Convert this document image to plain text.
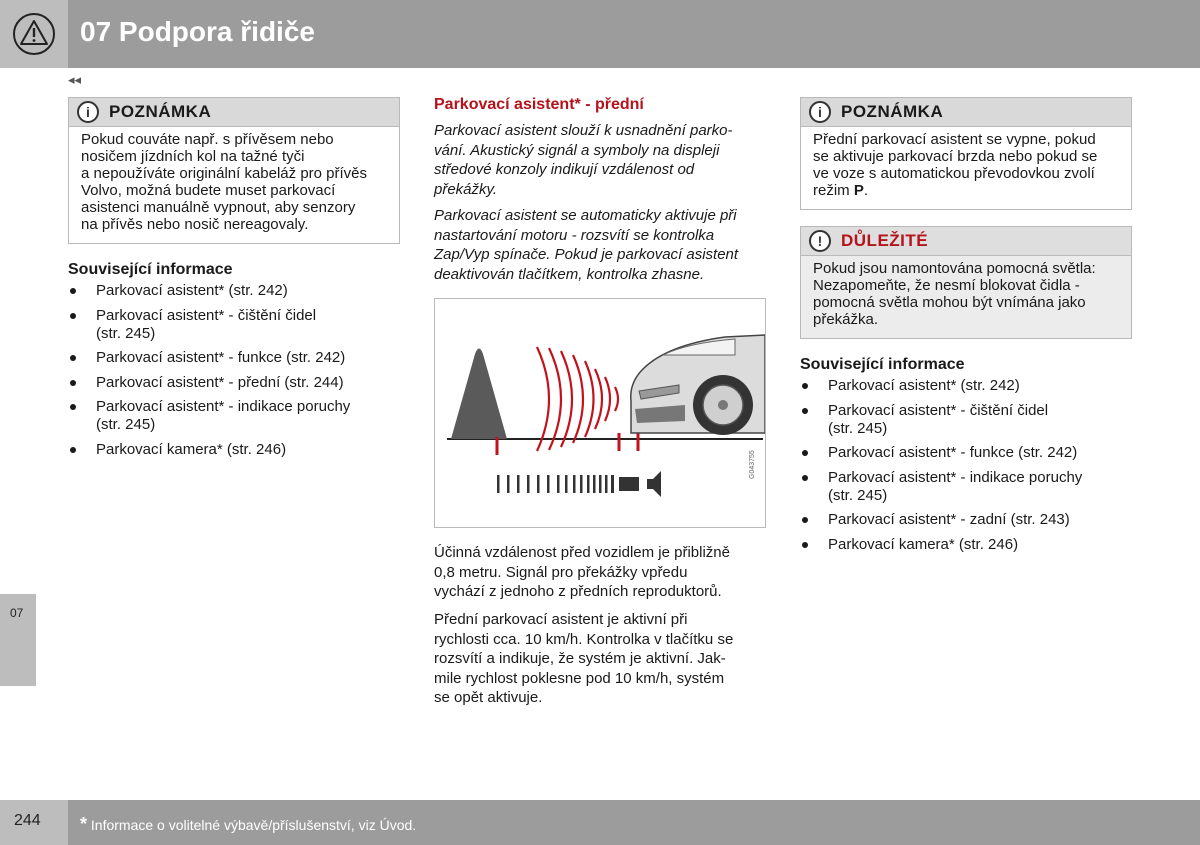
07 Podpora řidiče
◂◂
07
i	POZNÁMKA
Pokud couváte např. s přívěsem nebo
nosičem jízdních kol na tažné tyči
a nepoužíváte originální kabeláž pro přívěs
Volvo, možná budete muset parkovací
asistenci manuálně vypnout, aby senzory
na přívěs nebo nosič nereagovaly.
Související informace
Parkovací asistent* (str. 242)
Parkovací asistent* - čištění čidel
(str. 245)
Parkovací asistent* - funkce (str. 242)
Parkovací asistent* - přední (str. 244)
Parkovací asistent* - indikace poruchy
(str. 245)
Parkovací kamera* (str. 246)
Parkovací asistent* - přední
Parkovací asistent slouží k usnadnění parko-
vání. Akustický signál a symboly na displeji
středové konzoly indikují vzdálenost od
překážky.
Parkovací asistent se automaticky aktivuje při
nastartování motoru - rozsvítí se kontrolka
Zap/Vyp spínače. Pokud je parkovací asistent
deaktivován tlačítkem, kontrolka zhasne.
G043755
Účinná vzdálenost před vozidlem je přibližně
0,8 metru. Signál pro překážky vpředu
vychází z jednoho z předních reproduktorů.
Přední parkovací asistent je aktivní při
rychlosti cca. 10 km/h. Kontrolka v tlačítku se
rozsvítí a indikuje, že systém je aktivní. Jak-
mile rychlost poklesne pod 10 km/h, systém
se opět aktivuje.
i	POZNÁMKA
Přední parkovací asistent se vypne, pokud
se aktivuje parkovací brzda nebo pokud se
ve voze s automatickou převodovkou zvolí
režim P.
!	DŮLEŽITÉ
Pokud jsou namontována pomocná světla:
Nezapomeňte, že nesmí blokovat čidla -
pomocná světla mohou být vnímána jako
překážka.
Související informace
Parkovací asistent* (str. 242)
Parkovací asistent* - čištění čidel
(str. 245)
Parkovací asistent* - funkce (str. 242)
Parkovací asistent* - indikace poruchy
(str. 245)
Parkovací asistent* - zadní (str. 243)
Parkovací kamera* (str. 246)
244 * Informace o volitelné výbavě/příslušenství, viz Úvod.
